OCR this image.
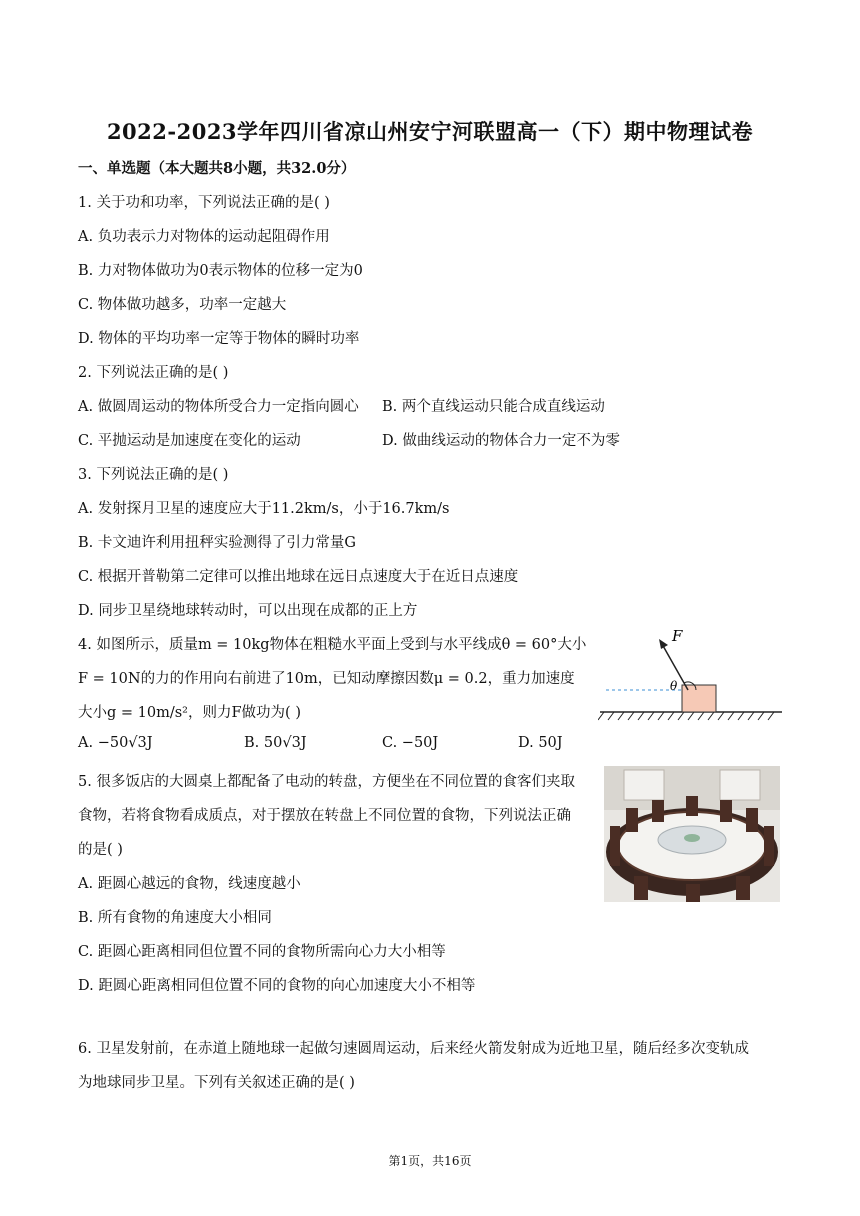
2022-2023学年四川省凉山州安宁河联盟高一（下）期中物理试卷
一、单选题（本大题共8小题，共32.0分）
1. 关于功和功率，下列说法正确的是( )
A. 负功表示力对物体的运动起阻碍作用
B. 力对物体做功为0表示物体的位移一定为0
C. 物体做功越多，功率一定越大
D. 物体的平均功率一定等于物体的瞬时功率
2. 下列说法正确的是( )
A. 做圆周运动的物体所受合力一定指向圆心 B. 两个直线运动只能合成直线运动
C. 平抛运动是加速度在变化的运动	D. 做曲线运动的物体合力一定不为零
3. 下列说法正确的是( )
A. 发射探月卫星的速度应大于11.2km/s，小于16.7km/s
B. 卡文迪许利用扭秤实验测得了引力常量G
C. 根据开普勒第二定律可以推出地球在远日点速度大于在近日点速度
D. 同步卫星绕地球转动时，可以出现在成都的正上方
4. 如图所示，质量m = 10kg物体在粗糙水平面上受到与水平线成θ = 60°大小
F = 10N的力的作用向右前进了10m，已知动摩擦因数μ = 0.2，重力加速度
大小g = 10m/s²，则力F做功为( )
A. −50√3J	B. 50√3J	C. −50J	D. 50J
F
θ
5. 很多饭店的大圆桌上都配备了电动的转盘，方便坐在不同位置的食客们夹取
食物，若将食物看成质点，对于摆放在转盘上不同位置的食物，下列说法正确
的是( )
A. 距圆心越远的食物，线速度越小
B. 所有食物的角速度大小相同
C. 距圆心距离相同但位置不同的食物所需向心力大小相等
D. 距圆心距离相同但位置不同的食物的向心加速度大小不相等
6. 卫星发射前，在赤道上随地球一起做匀速圆周运动，后来经火箭发射成为近地卫星，随后经多次变轨成
为地球同步卫星。下列有关叙述正确的是( )
第1页，共16页
